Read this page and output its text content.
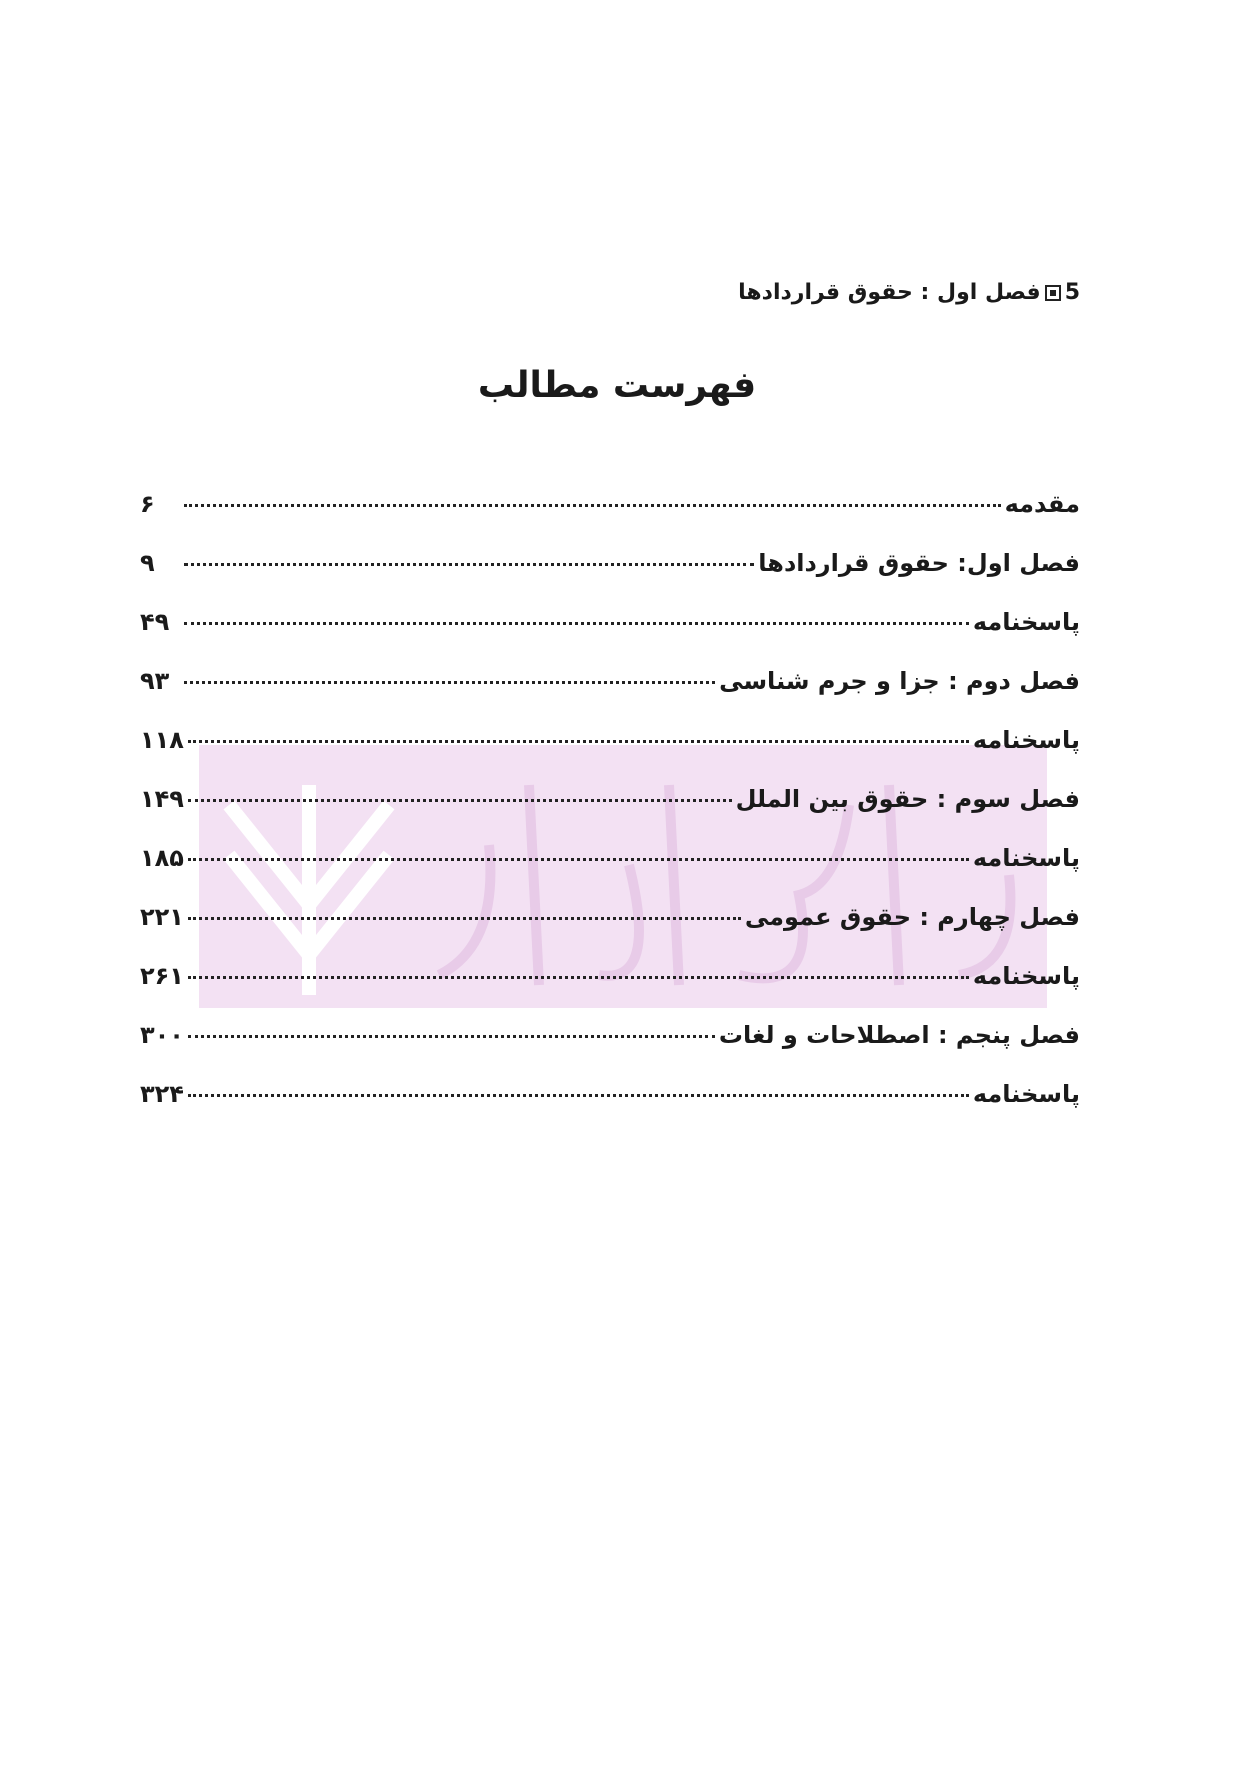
5
فصل اول : حقوق قراردادها
فهرست مطالب
مقدمه
۶
فصل اول: حقوق قراردادها
۹
پاسخنامه
۴۹
فصل دوم : جزا و جرم شناسی
۹۳
پاسخنامه
۱۱۸
فصل سوم : حقوق بین الملل
۱۴۹
پاسخنامه
۱۸۵
فصل چهارم : حقوق عمومی
۲۲۱
پاسخنامه
۲۶۱
فصل پنجم : اصطلاحات و لغات
۳۰۰
پاسخنامه
۳۲۴
